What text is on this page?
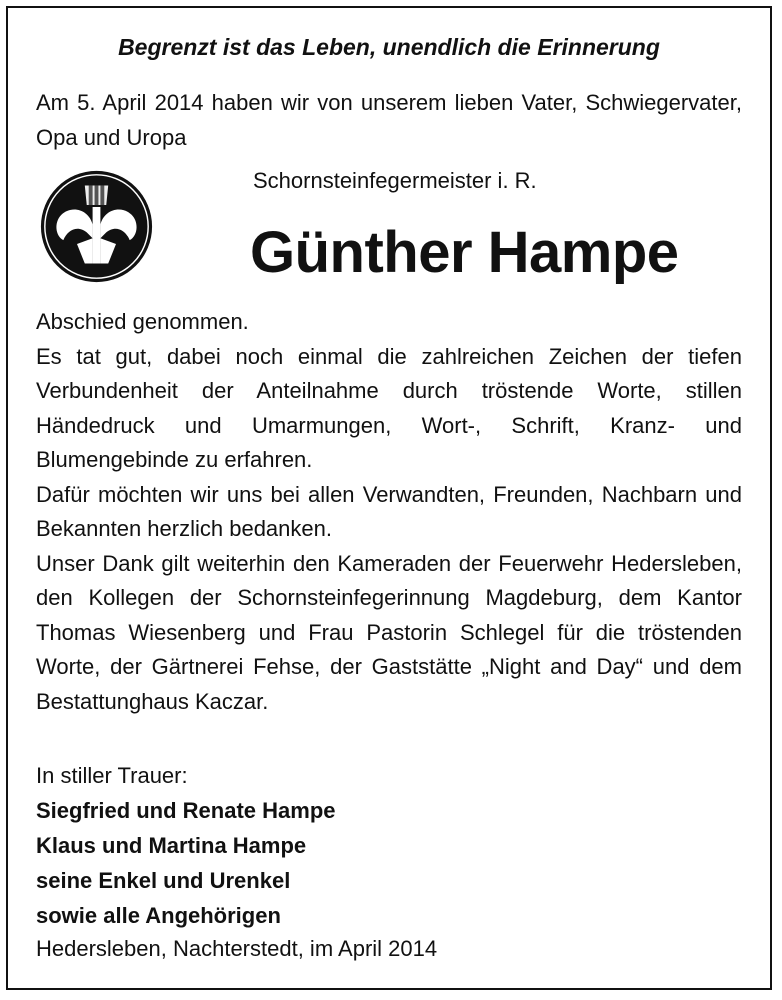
Begrenzt ist das Leben, unendlich die Erinnerung
Am 5. April 2014 haben wir von unserem lieben Vater, Schwiegervater, Opa und Uropa
Schornsteinfegermeister i. R.
Günther Hampe

Abschied genommen.

Es tat gut, dabei noch einmal die zahlreichen Zeichen der tiefen Verbundenheit der Anteilnahme durch tröstende Worte, stillen Händedruck und Umarmungen, Wort-, Schrift, Kranz- und Blumengebinde zu erfahren.

Dafür möchten wir uns bei allen Verwandten, Freunden, Nachbarn und Bekannten herzlich bedanken.

Unser Dank gilt weiterhin den Kameraden der Feuerwehr Hedersleben, den Kollegen der Schornsteinfegerinnung Magdeburg, dem Kantor Thomas Wiesenberg und Frau Pastorin Schlegel für die tröstenden Worte, der Gärtnerei Fehse, der Gaststätte „Night and Day“ und dem Bestattunghaus Kaczar.

In stiller Trauer:
Siegfried und Renate Hampe
Klaus und Martina Hampe
seine Enkel und Urenkel
sowie alle Angehörigen
Hedersleben, Nachterstedt, im April 2014
